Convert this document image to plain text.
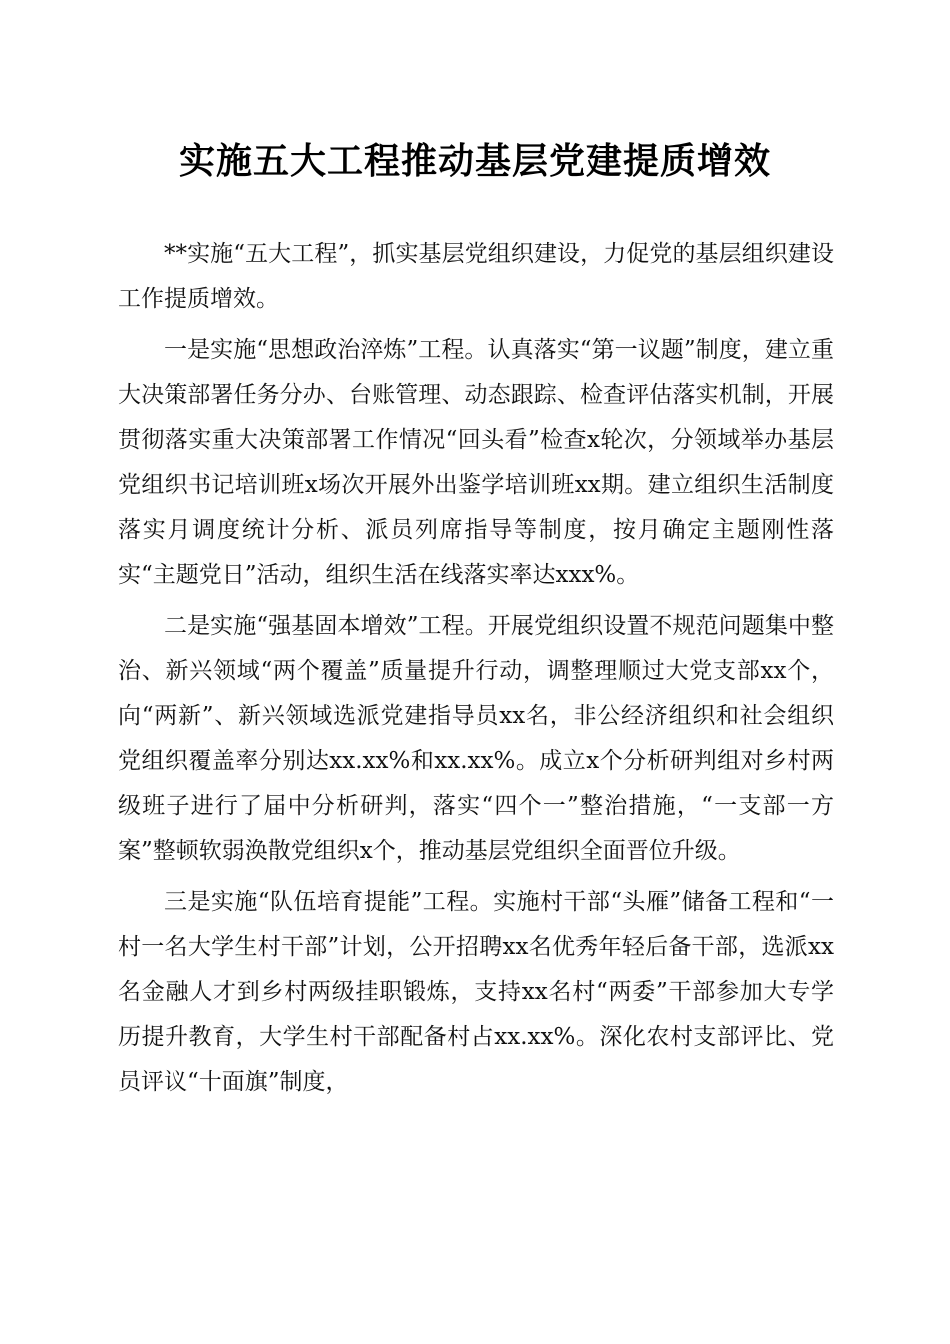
实施五大工程推动基层党建提质增效

**实施“五大工程”，抓实基层党组织建设，力促党的基层组织建设工作提质增效。

一是实施“思想政治淬炼”工程。认真落实“第一议题”制度，建立重大决策部署任务分办、台账管理、动态跟踪、检查评估落实机制，开展贯彻落实重大决策部署工作情况“回头看”检查x轮次，分领域举办基层党组织书记培训班x场次开展外出鉴学培训班xx期。建立组织生活制度落实月调度统计分析、派员列席指导等制度，按月确定主题刚性落实“主题党日”活动，组织生活在线落实率达xxx%。

二是实施“强基固本增效”工程。开展党组织设置不规范问题集中整治、新兴领域“两个覆盖”质量提升行动，调整理顺过大党支部xx个，向“两新”、新兴领域选派党建指导员xx名，非公经济组织和社会组织党组织覆盖率分别达xx.xx%和xx.xx%。成立x个分析研判组对乡村两级班子进行了届中分析研判，落实“四个一”整治措施，“一支部一方案”整顿软弱涣散党组织x个，推动基层党组织全面晋位升级。

三是实施“队伍培育提能”工程。实施村干部“头雁”储备工程和“一村一名大学生村干部”计划，公开招聘xx名优秀年轻后备干部，选派xx名金融人才到乡村两级挂职锻炼，支持xx名村“两委”干部参加大专学历提升教育，大学生村干部配备村占xx.xx%。深化农村支部评比、党员评议“十面旗”制度，
